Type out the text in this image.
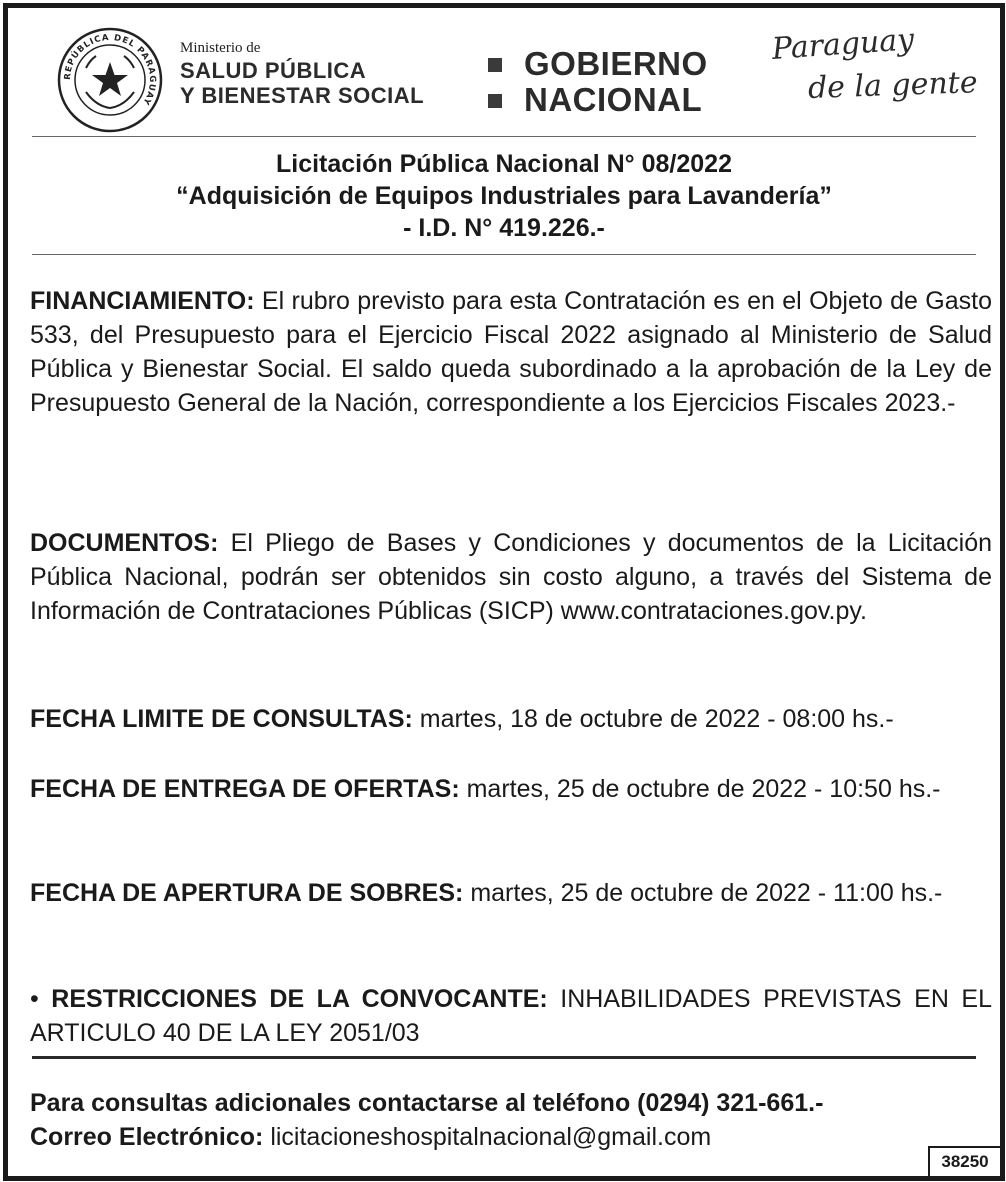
REPÚBLICA DEL PARAGUAY
Ministerio de
SALUD PÚBLICA
Y BIENESTAR SOCIAL
GOBIERNO
NACIONAL
Paraguay
de la gente
Licitación Pública Nacional N° 08/2022
“Adquisición de Equipos Industriales para Lavandería”
- I.D. N° 419.226.-
FINANCIAMIENTO: El rubro previsto para esta Contratación es en el Objeto de Gasto 533, del Presupuesto para el Ejercicio Fiscal 2022 asignado al Ministerio de Salud Pública y Bienestar Social. El saldo queda subordinado a la aprobación de la Ley de Presupuesto General de la Nación, correspondiente a los Ejercicios Fiscales 2023.-
DOCUMENTOS: El Pliego de Bases y Condiciones y documentos de la Licitación Pública Nacional, podrán ser obtenidos sin costo alguno, a través del Sistema de Información de Contrataciones Públicas (SICP) www.contrataciones.gov.py.
FECHA LIMITE DE CONSULTAS: martes, 18 de octubre de 2022 - 08:00 hs.-
FECHA DE ENTREGA DE OFERTAS: martes, 25 de octubre de 2022 - 10:50 hs.-
FECHA DE APERTURA DE SOBRES: martes, 25 de octubre de 2022 - 11:00 hs.-
• RESTRICCIONES DE LA CONVOCANTE: INHABILIDADES PREVISTAS EN EL ARTICULO 40 DE LA LEY 2051/03
Para consultas adicionales contactarse al teléfono (0294) 321-661.-
Correo Electrónico: licitacioneshospitalnacional@gmail.com
38250
